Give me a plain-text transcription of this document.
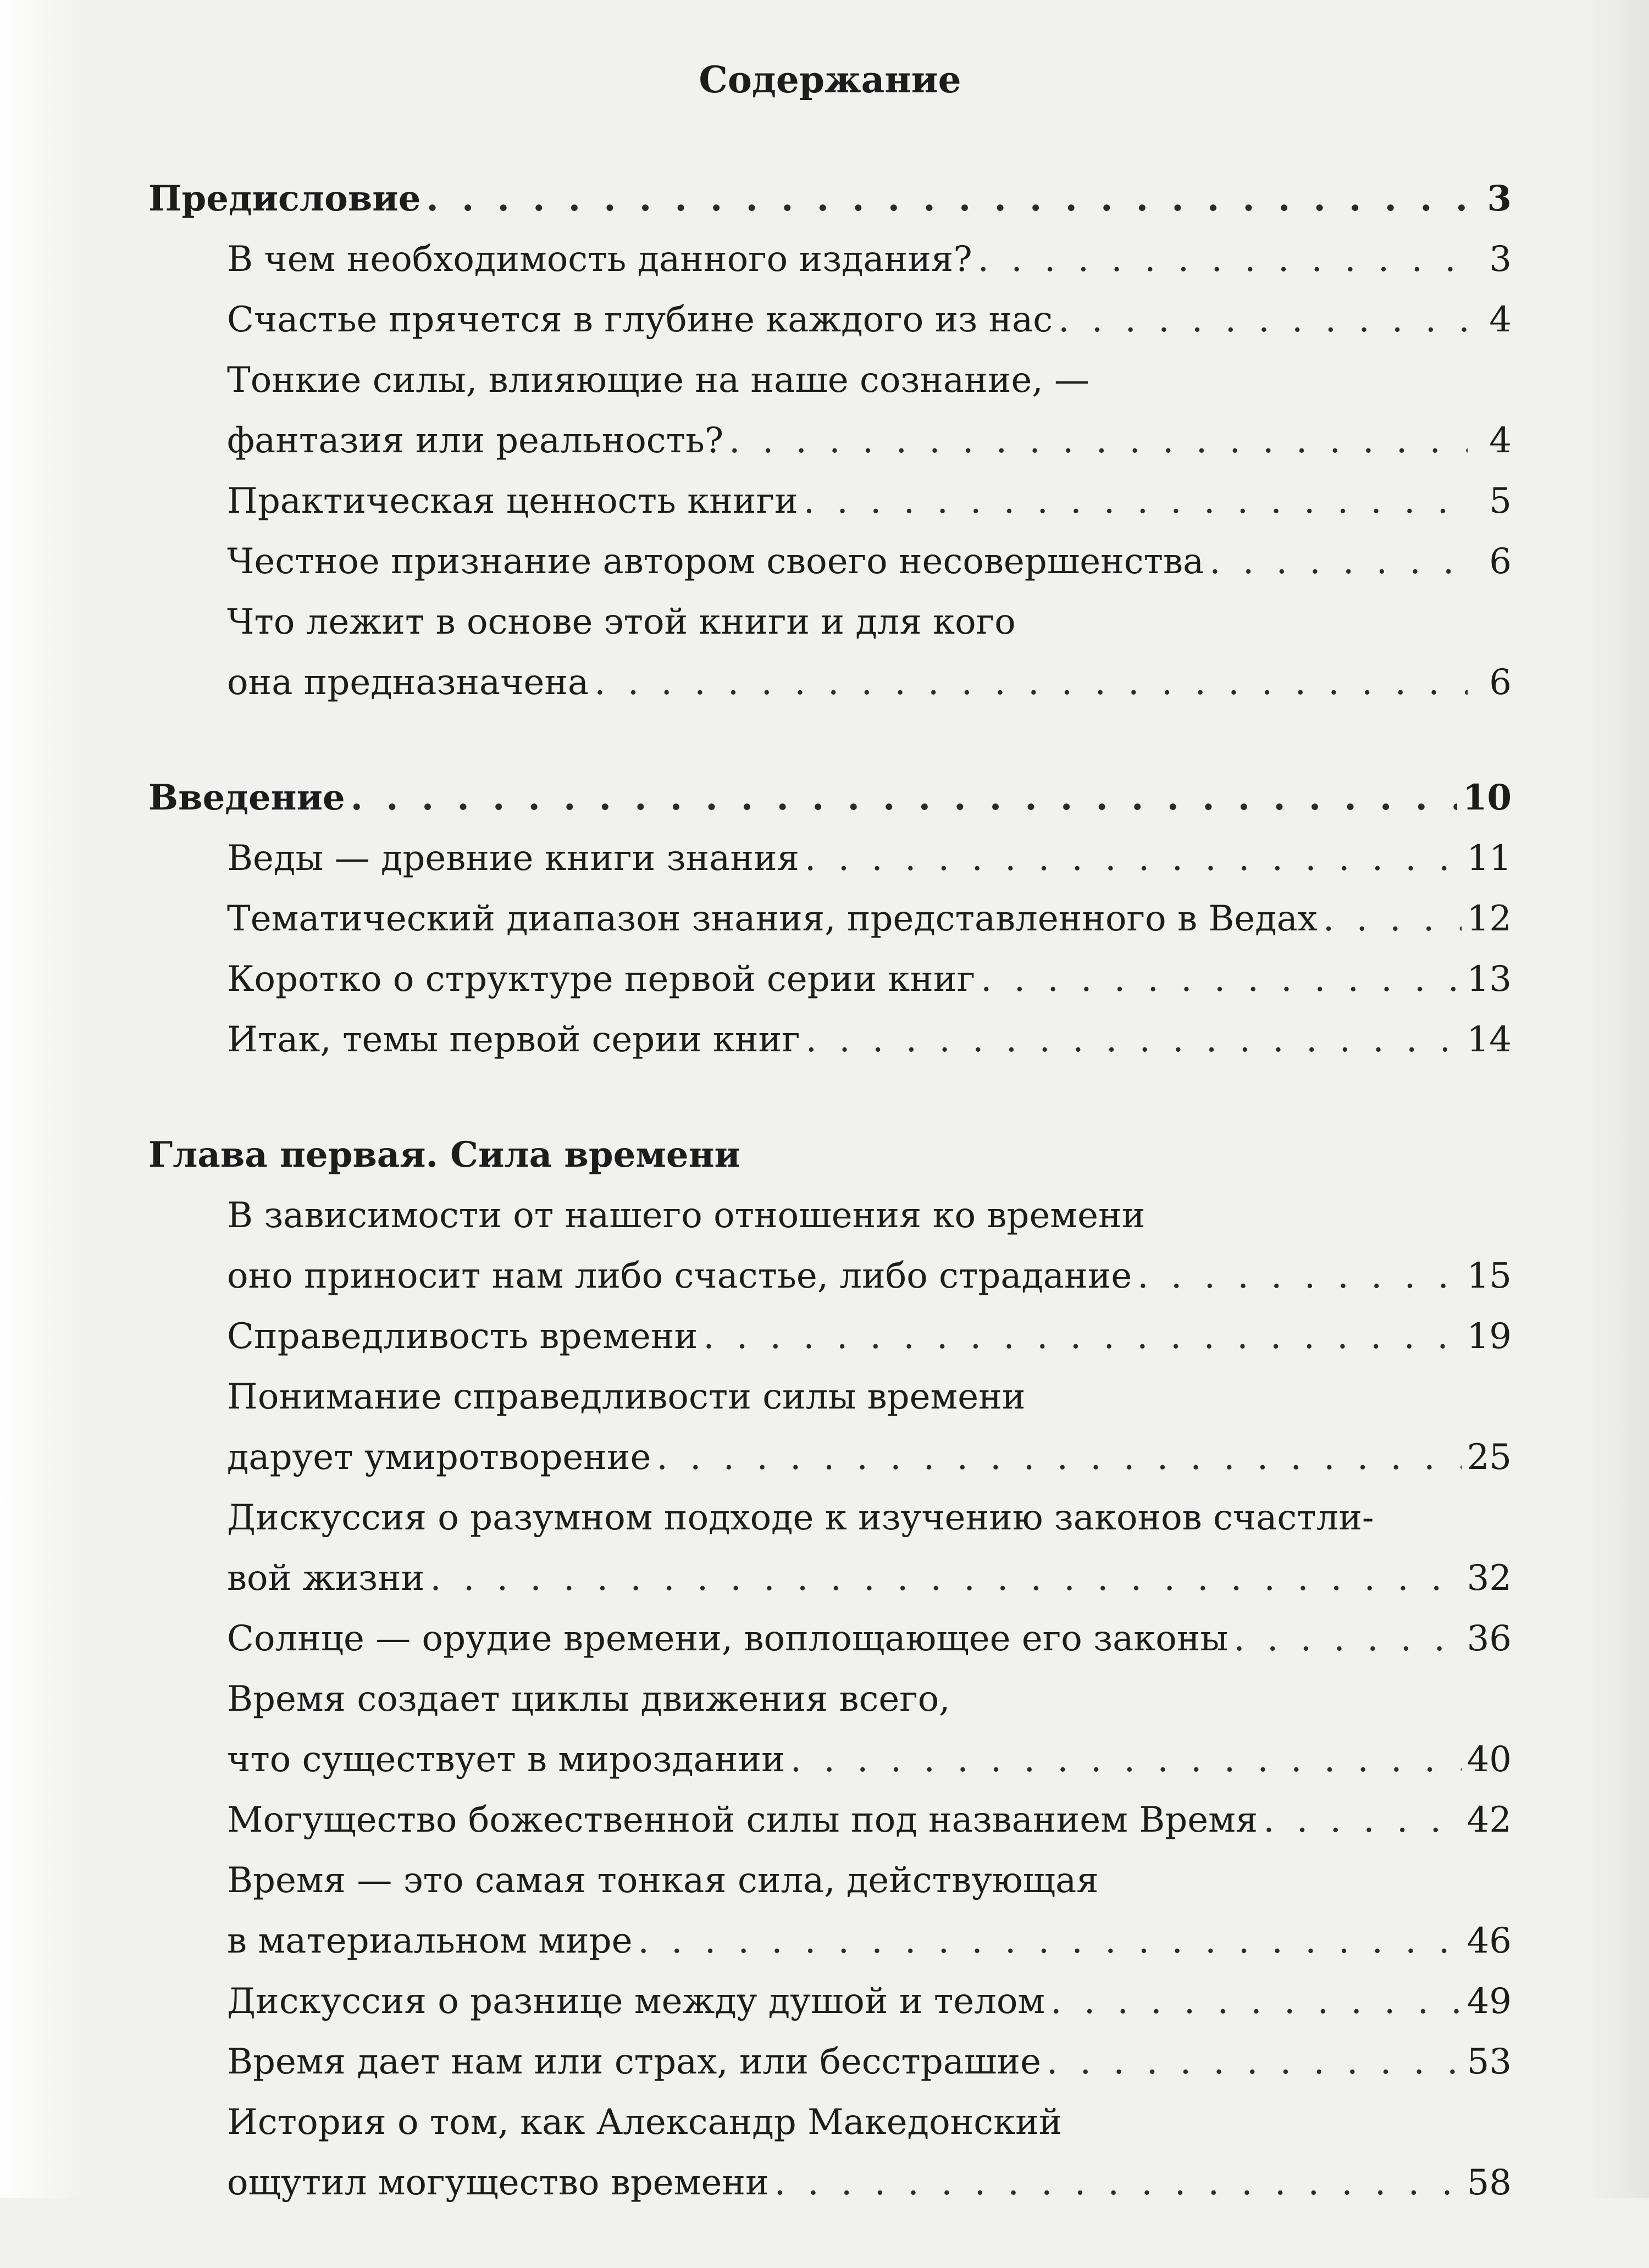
Содержание
Предисловие . . .	3
В чем необходимость данного издания? . . .	3
Счастье прячется в глубине каждого из нас . . .	4
Тонкие силы, влияющие на наше сознание, —
фантазия или реальность? . . .	4
Практическая ценность книги . . .	5
Честное признание автором своего несовершенства . . .	6
Что лежит в основе этой книги и для кого
она предназначена . . .	6
Введение . . .	10
Веды — древние книги знания . . .	11
Тематический диапазон знания, представленного в Ведах . . .	12
Коротко о структуре первой серии книг . . .	13
Итак, темы первой серии книг . . .	14
Глава первая. Сила времени
В зависимости от нашего отношения ко времени
оно приносит нам либо счастье, либо страдание . . .	15
Справедливость времени . . .	19
Понимание справедливости силы времени
дарует умиротворение . . .	25
Дискуссия о разумном подходе к изучению законов счастли-
вой жизни . . .	32
Солнце — орудие времени, воплощающее его законы . . .	36
Время создает циклы движения всего,
что существует в мироздании . . .	40
Могущество божественной силы под названием Время . . .	42
Время — это самая тонкая сила, действующая
в материальном мире . . .	46
Дискуссия о разнице между душой и телом . . .	49
Время дает нам или страх, или бесстрашие . . .	53
История о том, как Александр Македонский
ощутил могущество времени . . .	58
